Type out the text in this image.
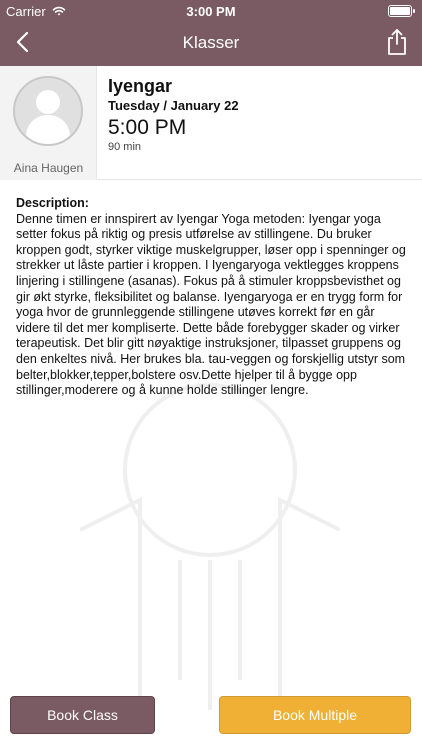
Carrier	3:00 PM
Klasser
Aina Haugen
Iyengar
Tuesday / January 22
5:00 PM
90 min
Description:
Denne timen er innspirert av Iyengar Yoga metoden: Iyengar yoga setter fokus på riktig og presis utførelse av stillingene. Du bruker kroppen godt, styrker viktige muskelgrupper, løser opp i spenninger og strekker ut låste partier i kroppen. I Iyengaryoga vektlegges kroppens linjering i stillingene (asanas). Fokus på å stimuler kroppsbevisthet og gir økt styrke, fleksibilitet og balanse. Iyengaryoga er en trygg form for yoga hvor de grunnleggende stillingene utøves korrekt før en går videre til det mer kompliserte. Dette både forebygger skader og virker terapeutisk. Det blir gitt nøyaktige instruksjoner, tilpasset gruppens og den enkeltes nivå. Her brukes bla. tau-veggen og forskjellig utstyr som belter,blokker,tepper,bolstere osv.Dette hjelper til å bygge opp stillinger,moderere og å kunne holde stillinger lengre.
Book Class	Book Multiple
